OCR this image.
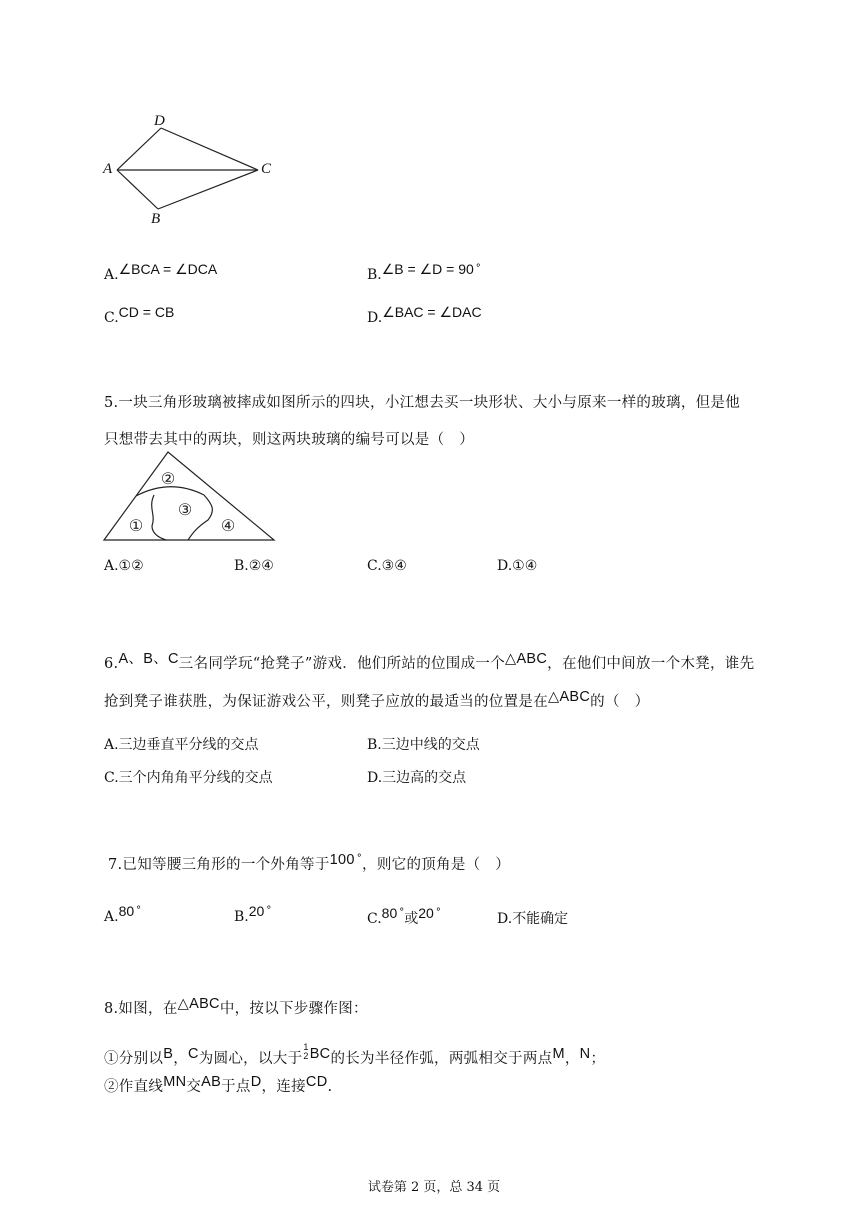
A
D
C
B
A.∠BCA = ∠DCA	B.∠B = ∠D = 90 °
C.CD = CB	D.∠BAC = ∠DAC
5.一块三角形玻璃被摔成如图所示的四块，小江想去买一块形状、大小与原来一样的玻璃，但是他
只想带去其中的两块，则这两块玻璃的编号可以是（　）
②
③
①	④
A.①②	B.②④	C.③④	D.①④
6.A、B、C三名同学玩“抢凳子”游戏．他们所站的位围成一个△ABC，在他们中间放一个木凳，谁先
抢到凳子谁获胜，为保证游戏公平，则凳子应放的最适当的位置是在△ABC的（　）
A.三边垂直平分线的交点	B.三边中线的交点
C.三个内角角平分线的交点	D.三边高的交点
7.已知等腰三角形的一个外角等于100 °，则它的顶角是（　）
A.80 °	B.20 °
C.80 °或20 °	D.不能确定
8.如图，在△ABC中，按以下步骤作图：
①分别以B，C为圆心，以大于1
2BC的长为半径作弧，两弧相交于两点M，N；
②作直线MN交AB于点D，连接CD.
试卷第 2 页，总 34 页
